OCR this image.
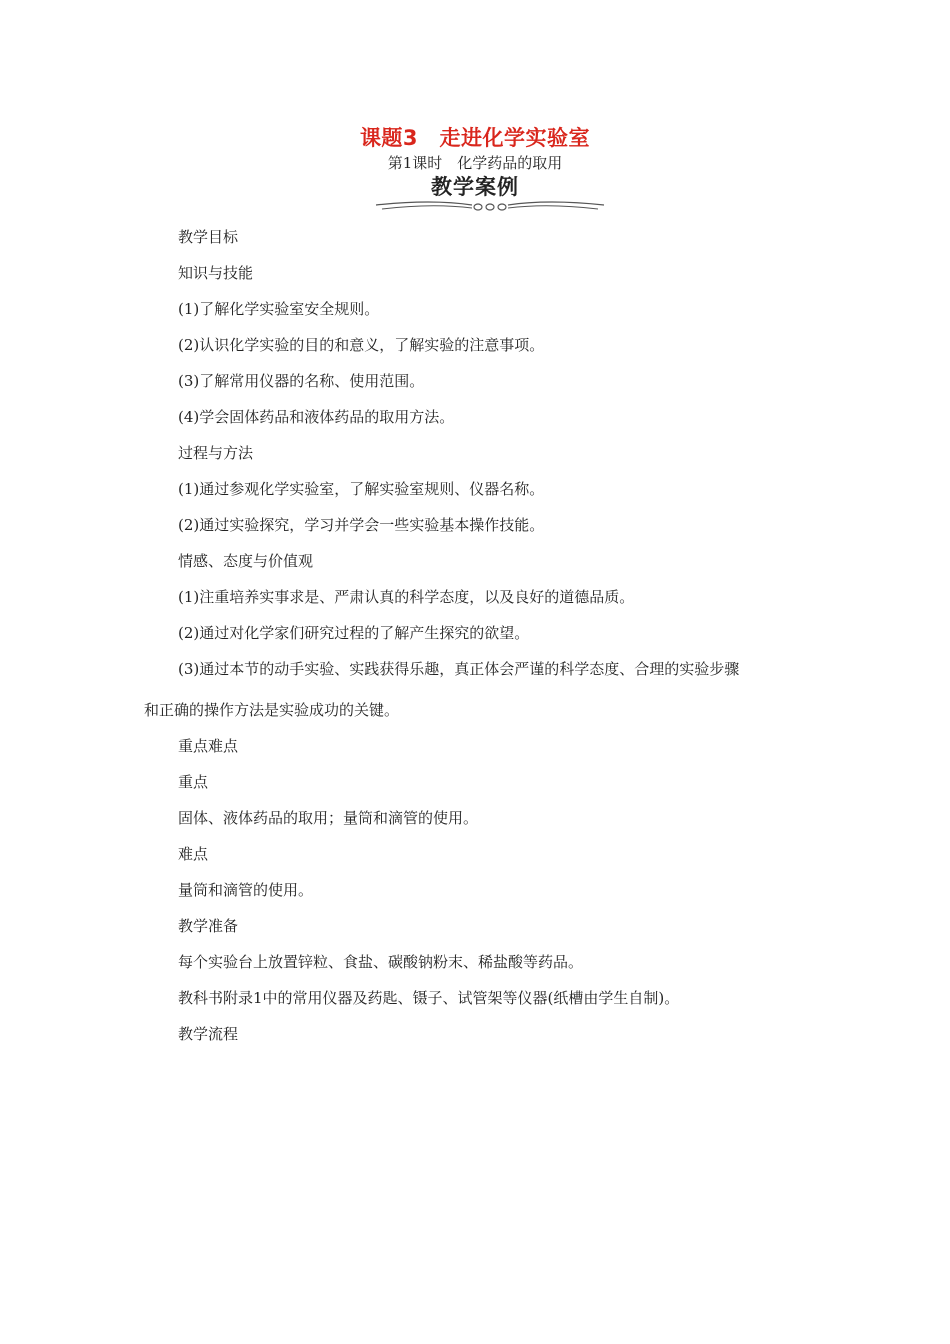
课题3　走进化学实验室
第1课时　化学药品的取用
教学案例
教学目标
知识与技能
(1)了解化学实验室安全规则。
(2)认识化学实验的目的和意义，了解实验的注意事项。
(3)了解常用仪器的名称、使用范围。
(4)学会固体药品和液体药品的取用方法。
过程与方法
(1)通过参观化学实验室，了解实验室规则、仪器名称。
(2)通过实验探究，学习并学会一些实验基本操作技能。
情感、态度与价值观
(1)注重培养实事求是、严肃认真的科学态度，以及良好的道德品质。
(2)通过对化学家们研究过程的了解产生探究的欲望。
(3)通过本节的动手实验、实践获得乐趣，真正体会严谨的科学态度、合理的实验步骤
和正确的操作方法是实验成功的关键。
重点难点
重点
固体、液体药品的取用；量筒和滴管的使用。
难点
量筒和滴管的使用。
教学准备
每个实验台上放置锌粒、食盐、碳酸钠粉末、稀盐酸等药品。
教科书附录1中的常用仪器及药匙、镊子、试管架等仪器(纸槽由学生自制)。
教学流程
